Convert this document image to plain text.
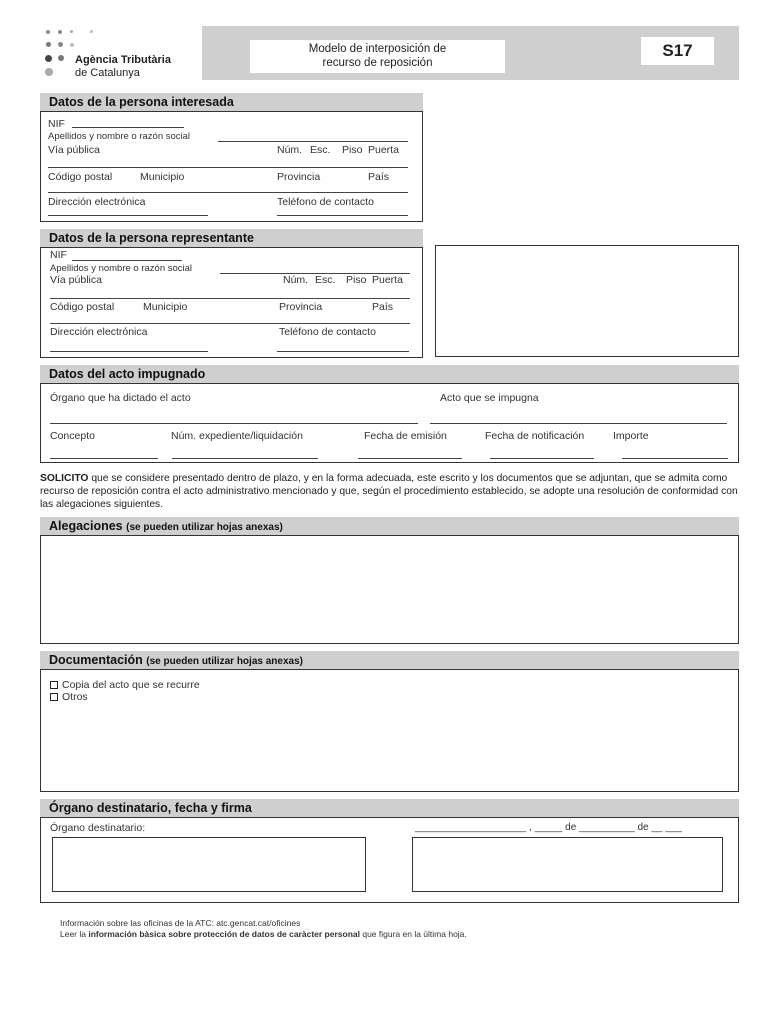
Agència Tributària
de Catalunya
Modelo de interposición de
recurso de reposición
S17
Datos de la persona interesada
NIF
Apellidos y nombre o razón social
Vía pública	Núm. Esc. Piso Puerta
Código postal	Municipio	Provincia	País
Dirección electrónica	Teléfono de contacto
Datos de la persona representante
NIF
Apellidos y nombre o razón social
Vía pública	Núm. Esc. Piso Puerta
Código postal	Municipio	Provincia	País
Dirección electrónica	Teléfono de contacto
Datos del acto impugnado
Órgano que ha dictado el acto	Acto que se impugna
Concepto	Núm. expediente/liquidación	Fecha de emisión	Fecha de notificación	Importe
SOLICITO que se considere presentado dentro de plazo, y en la forma adecuada, este escrito y los documentos que se adjuntan, que se admita como recurso de reposición contra el acto administrativo mencionado y que, según el procedimiento establecido, se adopte una resolución de conformidad con las alegaciones siguientes.
Alegaciones (se pueden utilizar hojas anexas)
Documentación (se pueden utilizar hojas anexas)
Copia del acto que se recurre
Otros
Órgano destinatario, fecha y firma
Órgano destinatario:	____________________ , _____ de __________ de __ ___
Información sobre las oficinas de la ATC: atc.gencat.cat/oficines
Leer la información bàsica sobre protección de datos de caràcter personal que figura en la última hoja.
